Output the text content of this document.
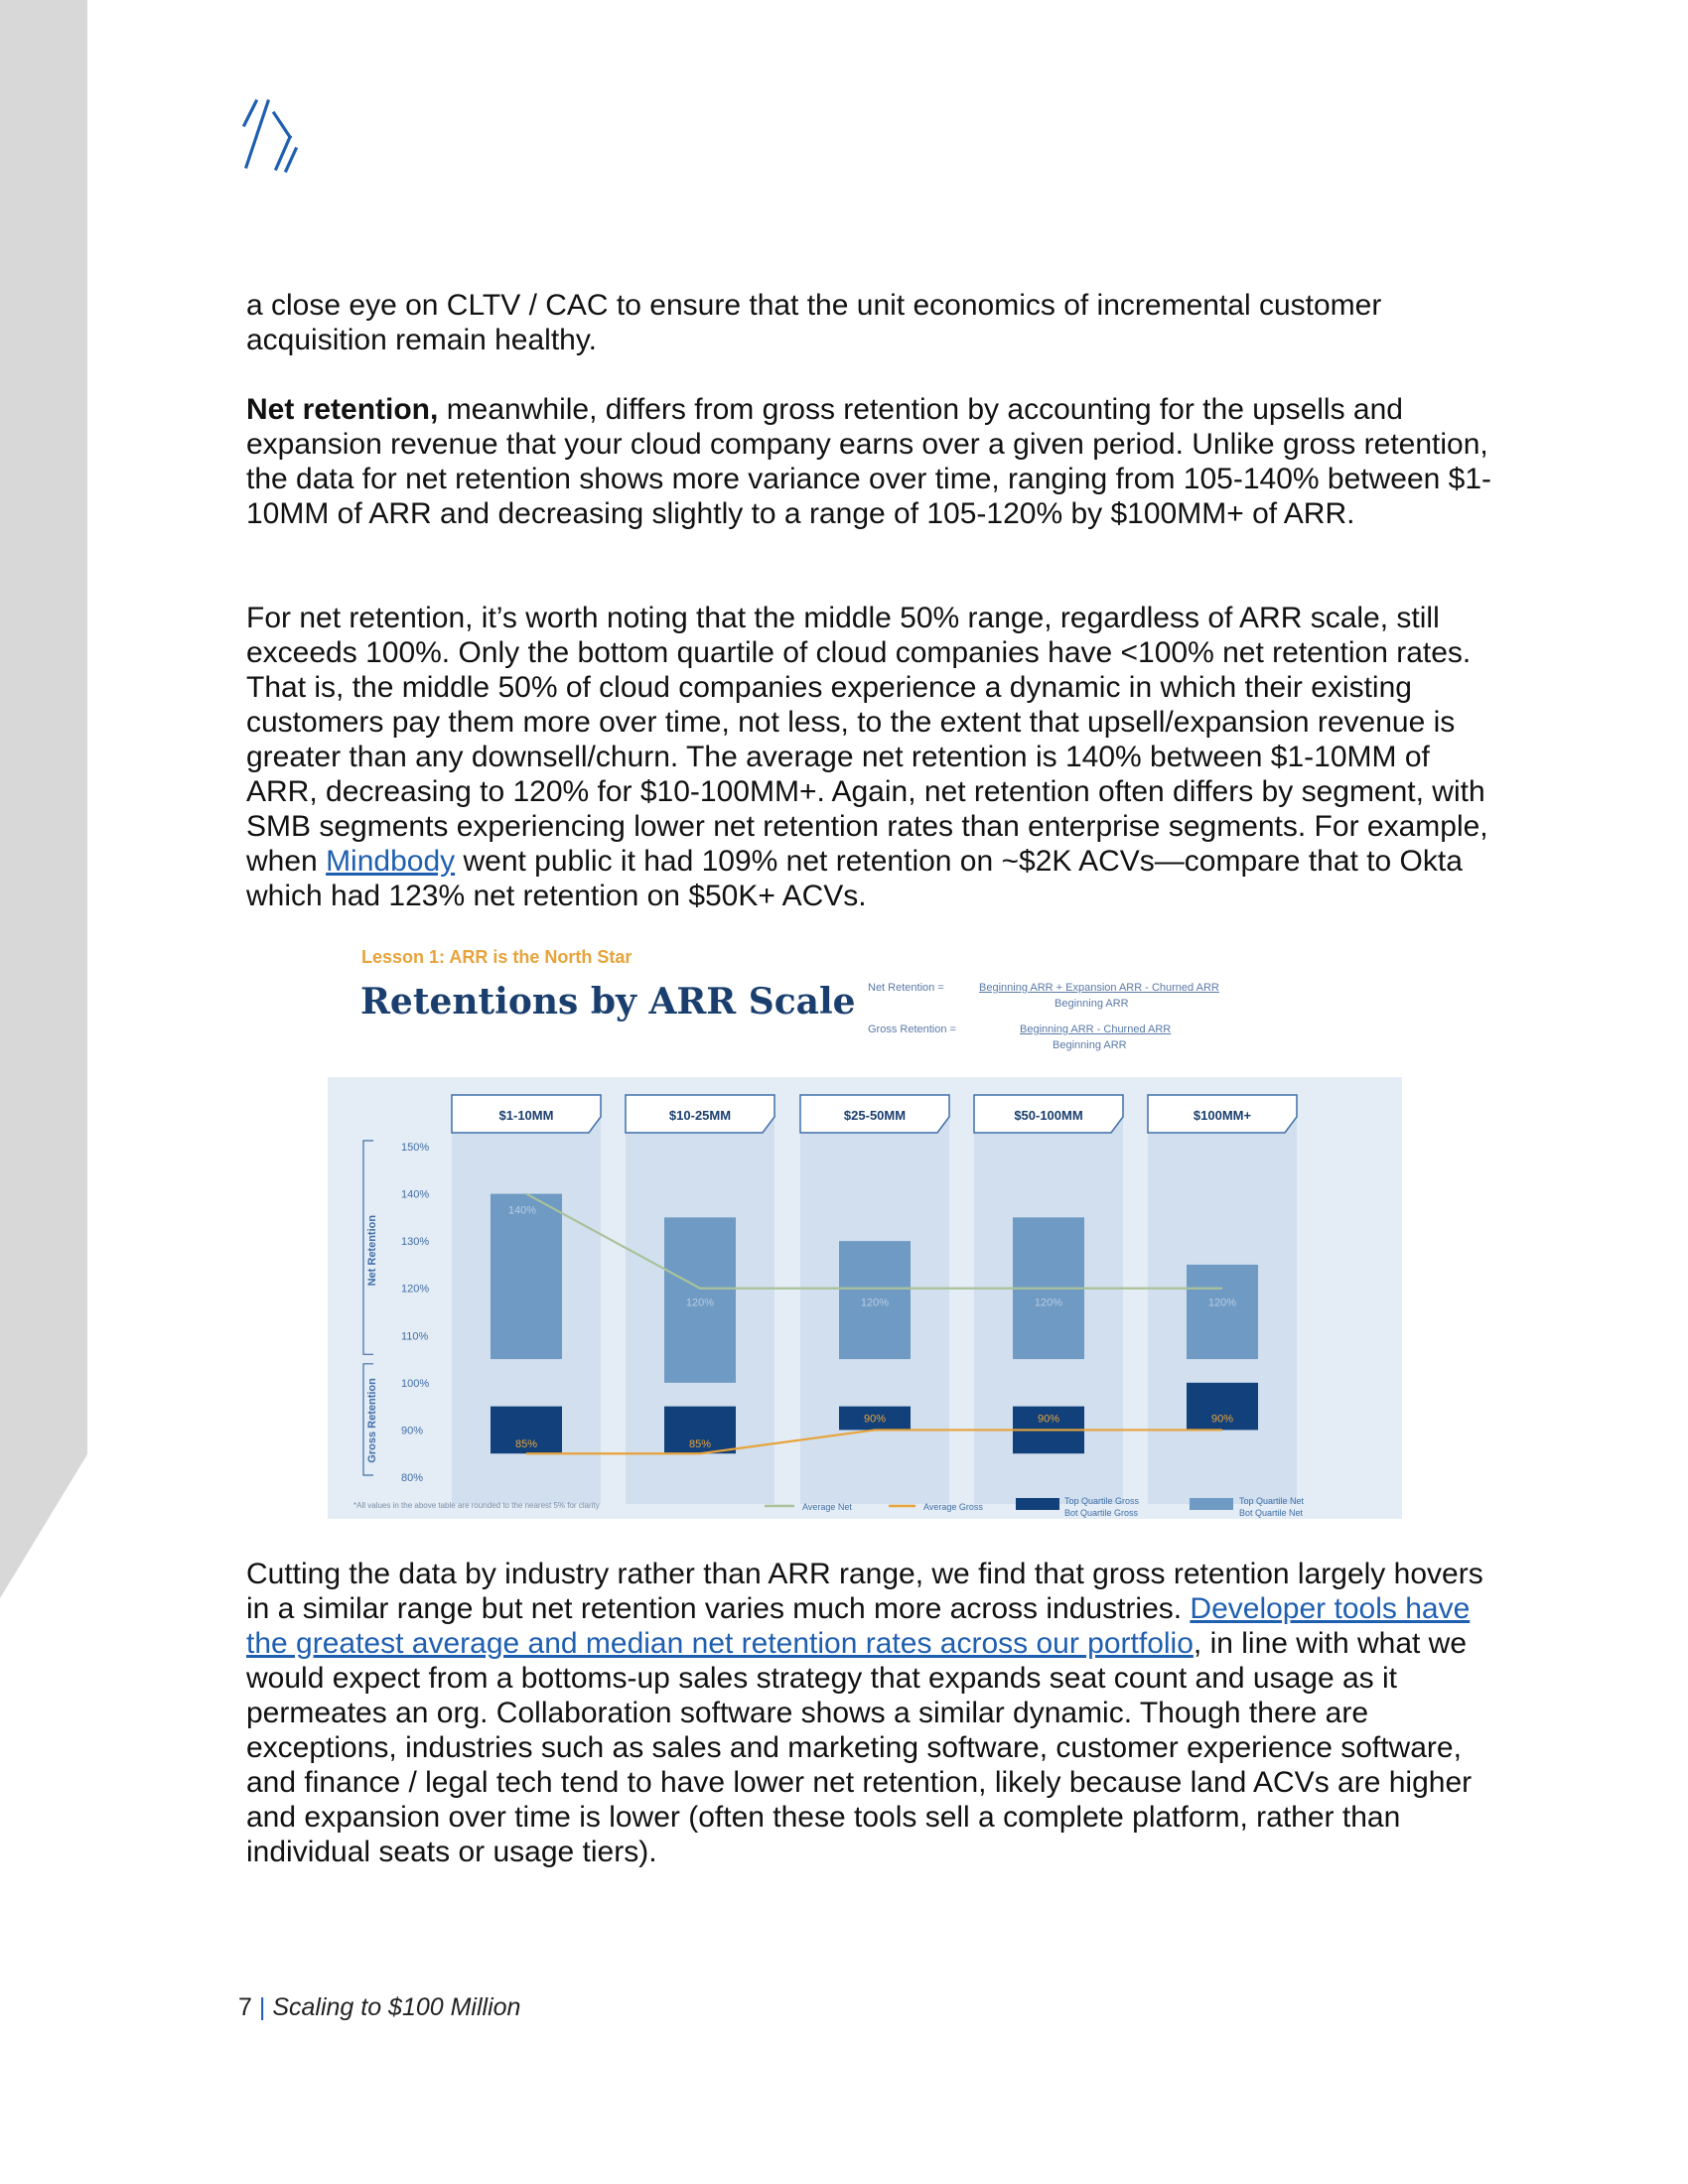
a close eye on CLTV / CAC to ensure that the unit economics of incremental customer acquisition remain healthy.

Net retention, meanwhile, differs from gross retention by accounting for the upsells and expansion revenue that your cloud company earns over a given period. Unlike gross retention, the data for net retention shows more variance over time, ranging from 105-140% between $1-10MM of ARR and decreasing slightly to a range of 105-120% by $100MM+ of ARR.

For net retention, it’s worth noting that the middle 50% range, regardless of ARR scale, still exceeds 100%. Only the bottom quartile of cloud companies have <100% net retention rates. That is, the middle 50% of cloud companies experience a dynamic in which their existing customers pay them more over time, not less, to the extent that upsell/expansion revenue is greater than any downsell/churn. The average net retention is 140% between $1-10MM of ARR, decreasing to 120% for $10-100MM+. Again, net retention often differs by segment, with SMB segments experiencing lower net retention rates than enterprise segments. For example, when Mindbody went public it had 109% net retention on ~$2K ACVs—compare that to Okta which had 123% net retention on $50K+ ACVs.

Lesson 1: ARR is the North Star
Retentions by ARR Scale Net Retention =	Beginning ARR + Expansion ARR - Churned ARR
Beginning ARR
Gross Retention =	Beginning ARR - Churned ARR
Beginning ARR
$1-10MM	$10-25MM	$25-50MM	$50-100MM	$100MM+
150%
140%
130%
120%
110%
100%
90%
80%
Net Retention
Gross Retention
140%
120%	120%	120%	120%
85%	85%
90%	90%	90%
*All values in the above table are rounded to the nearest 5% for clarity	Average Net	Average Gross
Top Quartile Gross
Bot Quartile Gross
Top Quartile Net
Bot Quartile Net

Cutting the data by industry rather than ARR range, we find that gross retention largely hovers in a similar range but net retention varies much more across industries. Developer tools have the greatest average and median net retention rates across our portfolio, in line with what we would expect from a bottoms-up sales strategy that expands seat count and usage as it permeates an org. Collaboration software shows a similar dynamic. Though there are exceptions, industries such as sales and marketing software, customer experience software, and finance / legal tech tend to have lower net retention, likely because land ACVs are higher and expansion over time is lower (often these tools sell a complete platform, rather than individual seats or usage tiers).

7 | Scaling to $100 Million
